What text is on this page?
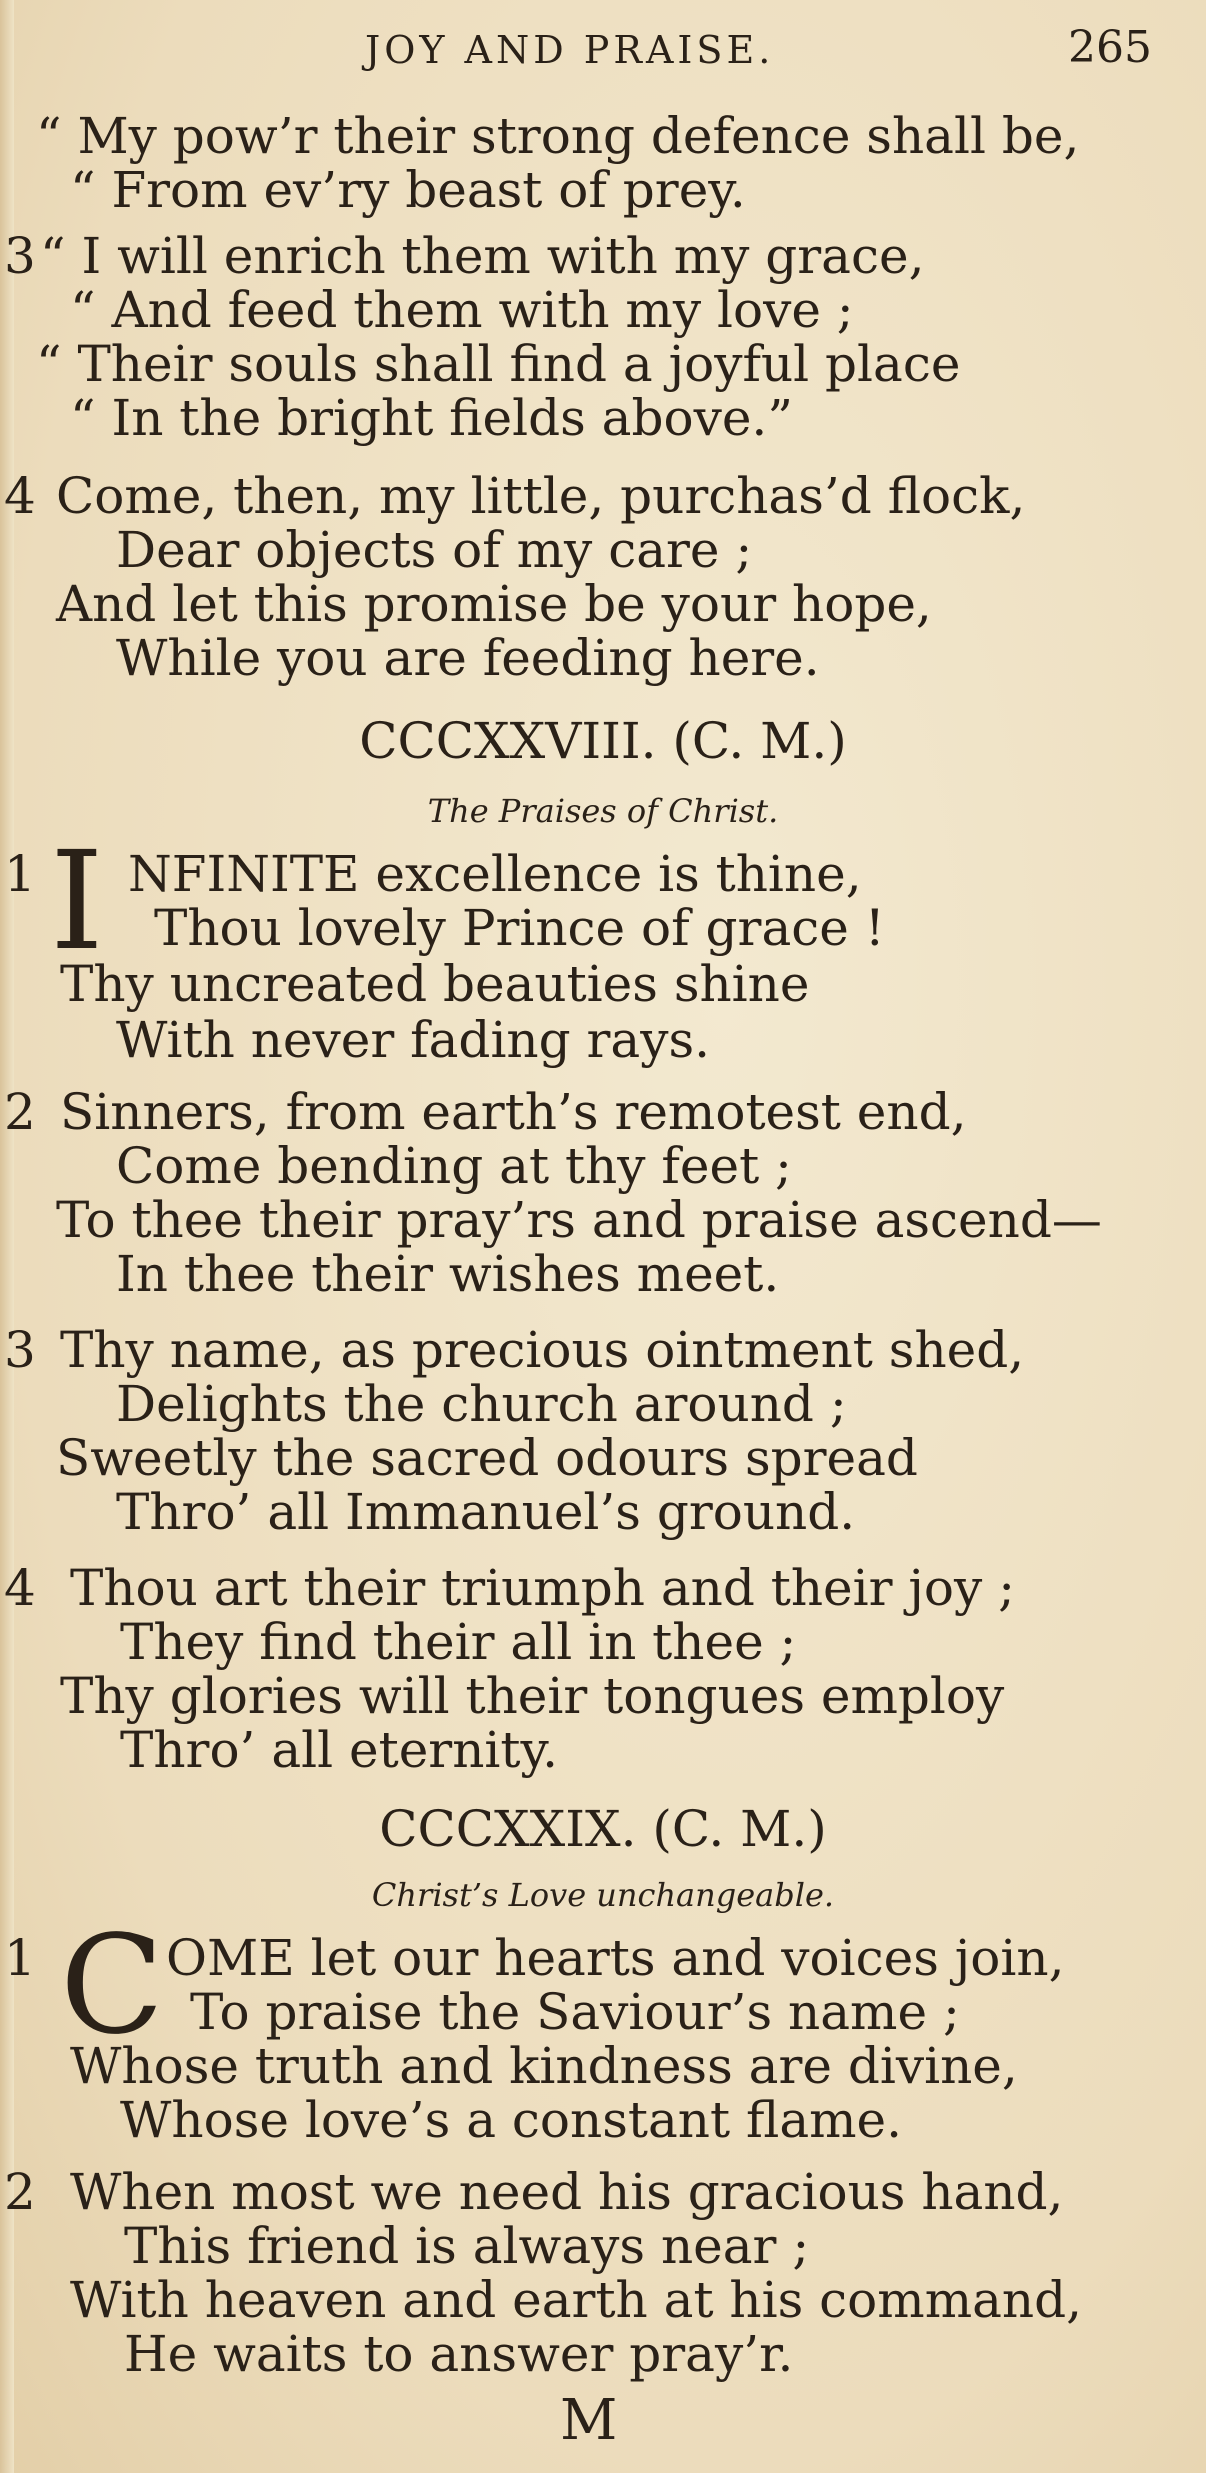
JOY AND PRAISE.	265
“ My pow’r their strong defence shall be,
“ From ev’ry beast of prey.
3 “ I will enrich them with my grace,
“ And feed them with my love ;
“ Their souls shall find a joyful place
“ In the bright fields above.”
4 Come, then, my little, purchas’d flock,
Dear objects of my care ;
And let this promise be your hope,
While you are feeding here.
CCCXXVIII. (C. M.)
The Praises of Christ.
1 I NFINITE excellence is thine,
Thou lovely Prince of grace !
Thy uncreated beauties shine
With never fading rays.
2 Sinners, from earth’s remotest end,
Come bending at thy feet ;
To thee their pray’rs and praise ascend—
In thee their wishes meet.
3 Thy name, as precious ointment shed,
Delights the church around ;
Sweetly the sacred odours spread
Thro’ all Immanuel’s ground.
4 Thou art their triumph and their joy ;
They find their all in thee ;
Thy glories will their tongues employ
Thro’ all eternity.
CCCXXIX. (C. M.)
Christ’s Love unchangeable.
1 C OME let our hearts and voices join,
To praise the Saviour’s name ;
Whose truth and kindness are divine,
Whose love’s a constant flame.
2 When most we need his gracious hand,
This friend is always near ;
With heaven and earth at his command,
He waits to answer pray’r.
M
